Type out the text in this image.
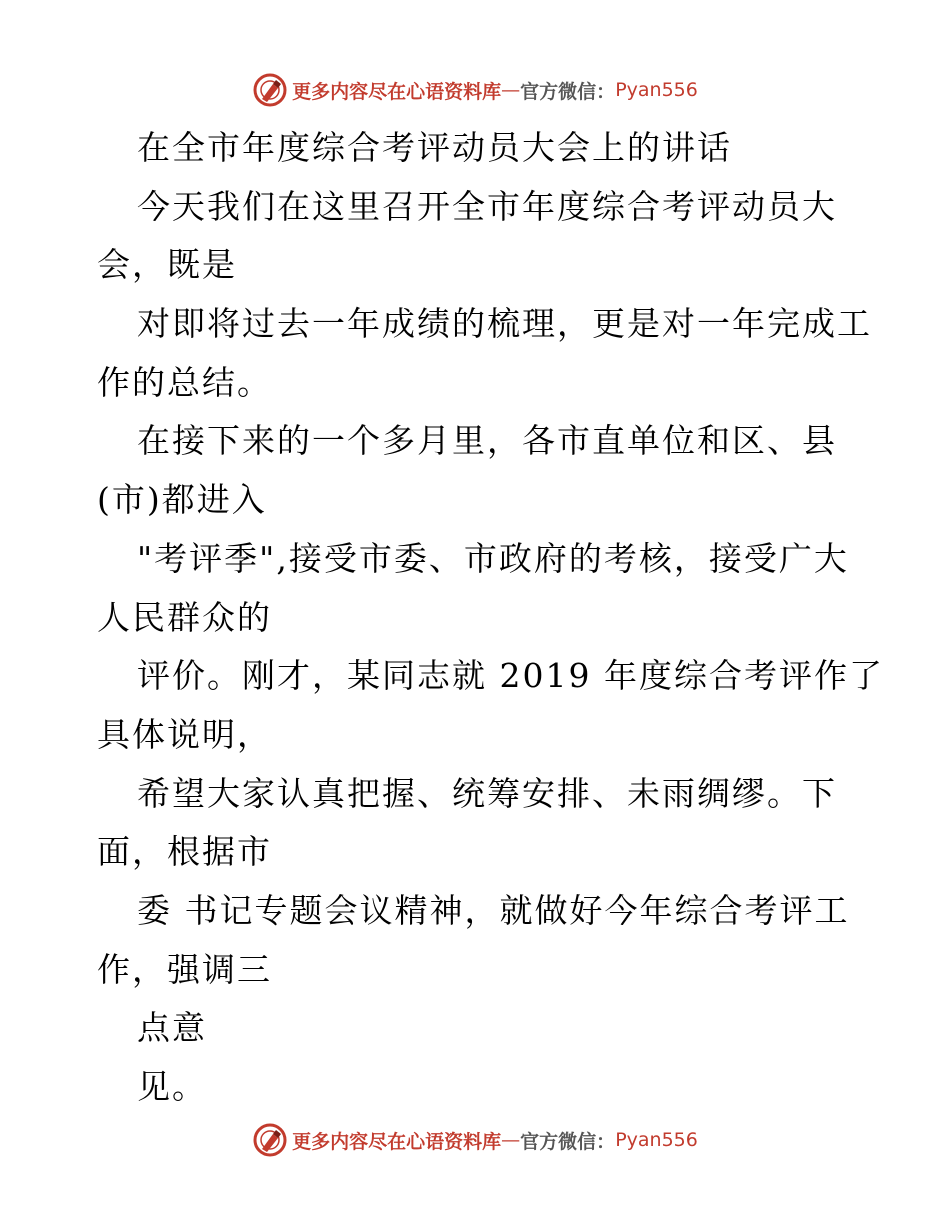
更多内容尽在心语资料库 — 官方微信： Pyan556
在全市年度综合考评动员大会上的讲话
今天我们在这里召开全市年度综合考评动员大
会，既是
对即将过去一年成绩的梳理，更是对一年完成工
作的总结。
在接下来的一个多月里，各市直单位和区、县
(市)都进入
"考评季",接受市委、市政府的考核，接受广大
人民群众的
评价。刚才，某同志就 2019 年度综合考评作了
具体说明，
希望大家认真把握、统筹安排、未雨绸缪。下
面，根据市
委 书记专题会议精神，就做好今年综合考评工
作，强调三
点意
见。
更多内容尽在心语资料库 — 官方微信： Pyan556
